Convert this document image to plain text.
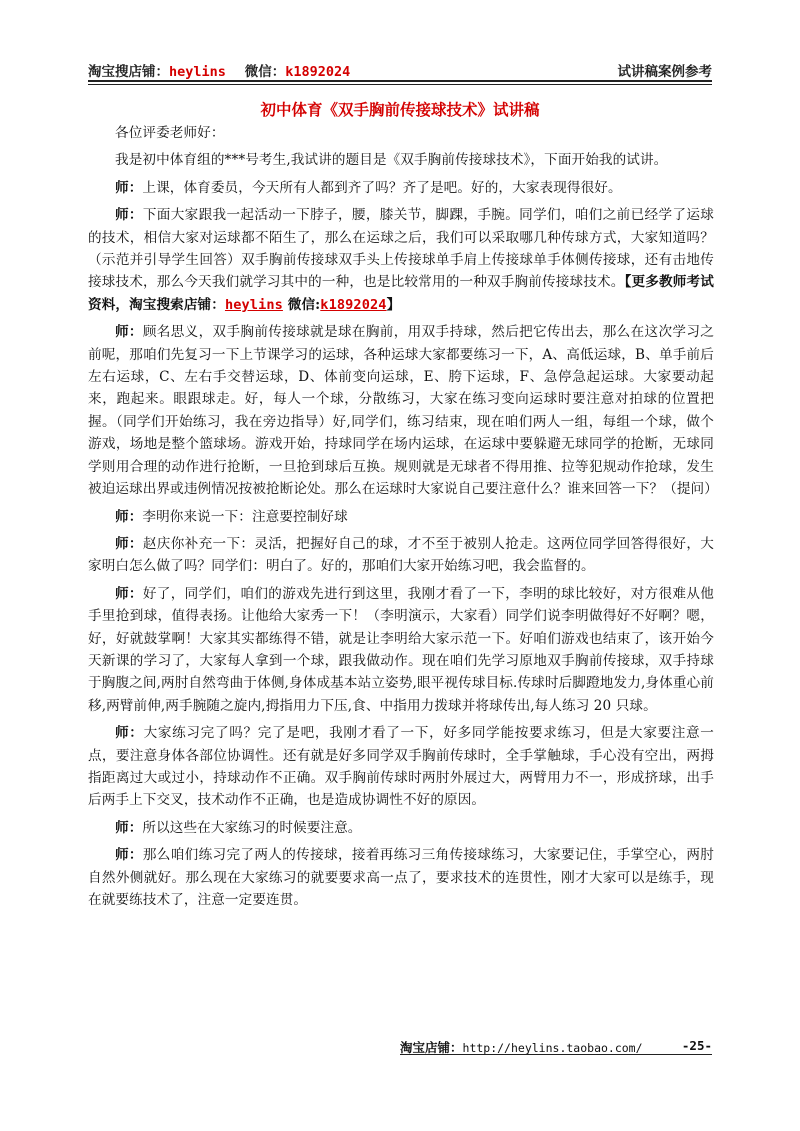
淘宝搜店铺：heylins 微信：k1892024	试讲稿案例参考
初中体育《双手胸前传接球技术》试讲稿

各位评委老师好：

我是初中体育组的***号考生,我试讲的题目是《双手胸前传接球技术》，下面开始我的试讲。

师：上课，体育委员，今天所有人都到齐了吗？齐了是吧。好的，大家表现得很好。

师：下面大家跟我一起活动一下脖子，腰，膝关节，脚踝，手腕。同学们，咱们之前已经学了运球的技术，相信大家对运球都不陌生了，那么在运球之后，我们可以采取哪几种传球方式，大家知道吗？（示范并引导学生回答）双手胸前传接球双手头上传接球单手肩上传接球单手体侧传接球，还有击地传接球技术，那么今天我们就学习其中的一种，也是比较常用的一种双手胸前传接球技术。【更多教师考试资料，淘宝搜索店铺：heylins 微信:k1892024】

师：顾名思义，双手胸前传接球就是球在胸前，用双手持球，然后把它传出去，那么在这次学习之前呢，那咱们先复习一下上节课学习的运球，各种运球大家都要练习一下，A、高低运球，B、单手前后左右运球，C、左右手交替运球，D、体前变向运球，E、胯下运球，F、急停急起运球。大家要动起来，跑起来。眼跟球走。好，每人一个球，分散练习，大家在练习变向运球时要注意对拍球的位置把握。（同学们开始练习，我在旁边指导）好,同学们，练习结束，现在咱们两人一组，每组一个球，做个游戏，场地是整个篮球场。游戏开始，持球同学在场内运球，在运球中要躲避无球同学的抢断，无球同学则用合理的动作进行抢断，一旦抢到球后互换。规则就是无球者不得用推、拉等犯规动作抢球，发生被迫运球出界或违例情况按被抢断论处。那么在运球时大家说自己要注意什么？谁来回答一下？（提问）

师：李明你来说一下：注意要控制好球

师：赵庆你补充一下：灵活，把握好自己的球，才不至于被别人抢走。这两位同学回答得很好，大家明白怎么做了吗？同学们：明白了。好的，那咱们大家开始练习吧，我会监督的。

师：好了，同学们，咱们的游戏先进行到这里，我刚才看了一下，李明的球比较好，对方很难从他手里抢到球，值得表扬。让他给大家秀一下！（李明演示，大家看）同学们说李明做得好不好啊？嗯，好，好就鼓掌啊！大家其实都练得不错，就是让李明给大家示范一下。好咱们游戏也结束了，该开始今天新课的学习了，大家每人拿到一个球，跟我做动作。现在咱们先学习原地双手胸前传接球，双手持球于胸腹之间,两肘自然弯曲于体侧,身体成基本站立姿势,眼平视传球目标.传球时后脚蹬地发力,身体重心前移,两臂前伸,两手腕随之旋内,拇指用力下压,食、中指用力拨球并将球传出,每人练习 20 只球。

师：大家练习完了吗？完了是吧，我刚才看了一下，好多同学能按要求练习，但是大家要注意一点，要注意身体各部位协调性。还有就是好多同学双手胸前传球时，全手掌触球，手心没有空出，两拇指距离过大或过小，持球动作不正确。双手胸前传球时两肘外展过大，两臂用力不一，形成挤球，出手后两手上下交叉，技术动作不正确，也是造成协调性不好的原因。

师：所以这些在大家练习的时候要注意。

师：那么咱们练习完了两人的传接球，接着再练习三角传接球练习，大家要记住，手掌空心，两肘自然外侧就好。那么现在大家练习的就要要求高一点了，要求技术的连贯性，刚才大家可以是练手，现在就要练技术了，注意一定要连贯。

淘宝店铺：http://heylins.taobao.com/	-25-
